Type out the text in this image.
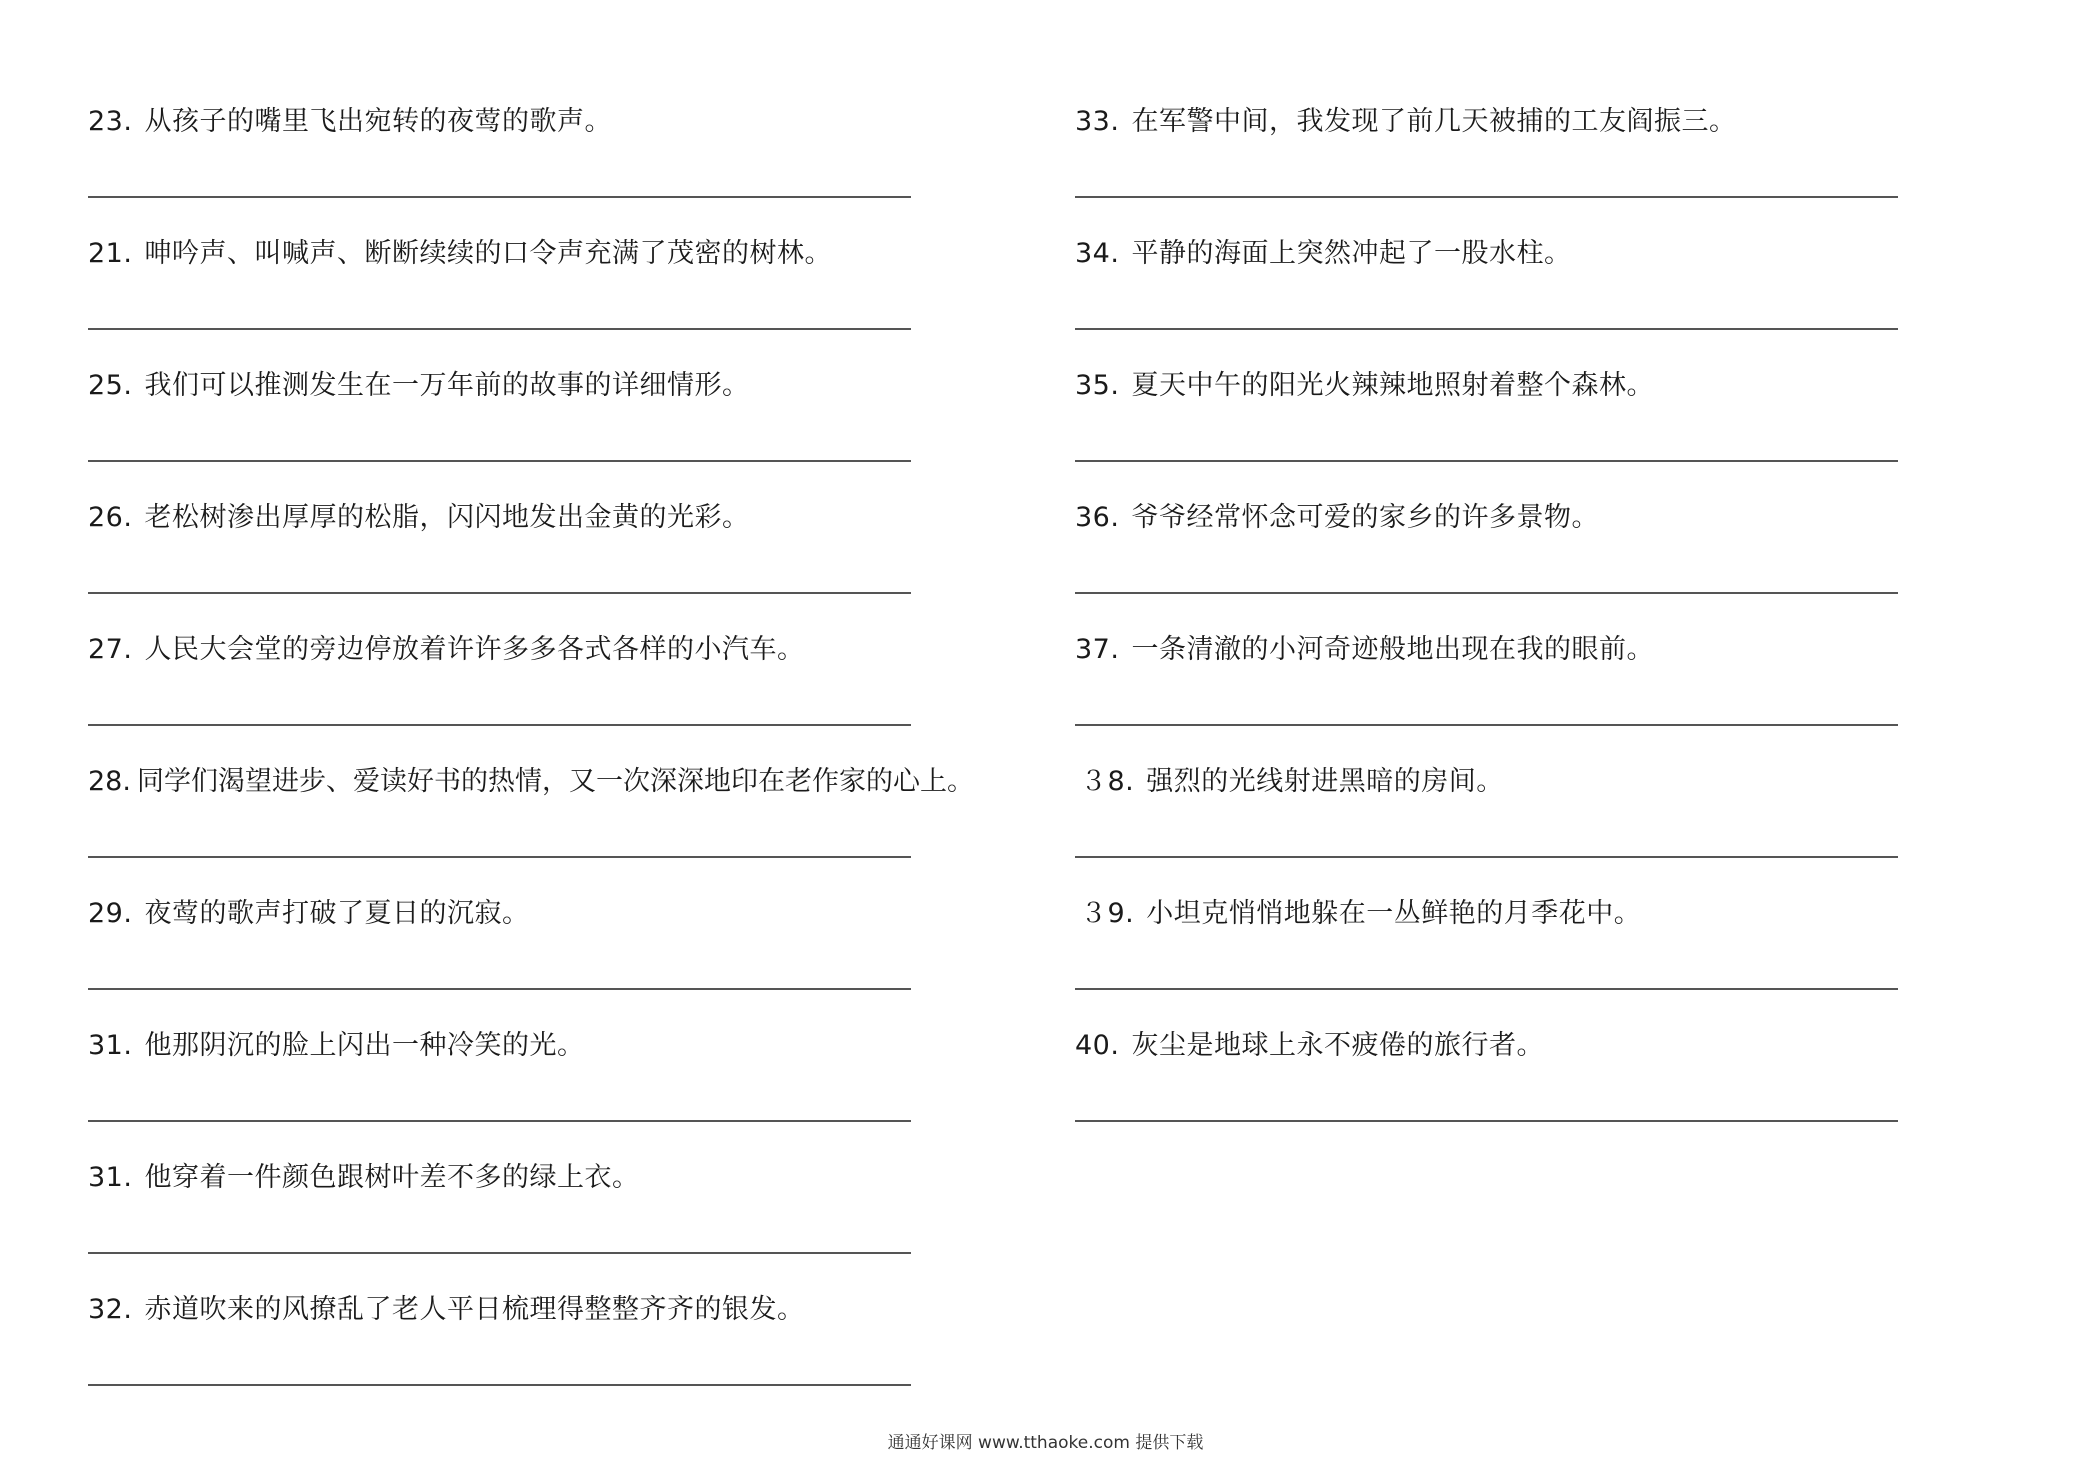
23. 从孩子的嘴里飞出宛转的夜莺的歌声。
21. 呻吟声、叫喊声、断断续续的口令声充满了茂密的树林。
25. 我们可以推测发生在一万年前的故事的详细情形。
26. 老松树渗出厚厚的松脂，闪闪地发出金黄的光彩。
27. 人民大会堂的旁边停放着许许多多各式各样的小汽车。
28. 同学们渴望进步、爱读好书的热情，又一次深深地印在老作家的心上。
29. 夜莺的歌声打破了夏日的沉寂。
31. 他那阴沉的脸上闪出一种冷笑的光。
31. 他穿着一件颜色跟树叶差不多的绿上衣。
32. 赤道吹来的风撩乱了老人平日梳理得整整齐齐的银发。
33. 在军警中间，我发现了前几天被捕的工友阎振三。
34. 平静的海面上突然冲起了一股水柱。
35. 夏天中午的阳光火辣辣地照射着整个森林。
36. 爷爷经常怀念可爱的家乡的许多景物。
37. 一条清澈的小河奇迹般地出现在我的眼前。
３8. 强烈的光线射进黑暗的房间。
３9. 小坦克悄悄地躲在一丛鲜艳的月季花中。
40. 灰尘是地球上永不疲倦的旅行者。
通通好课网 www.tthaoke.com 提供下载
